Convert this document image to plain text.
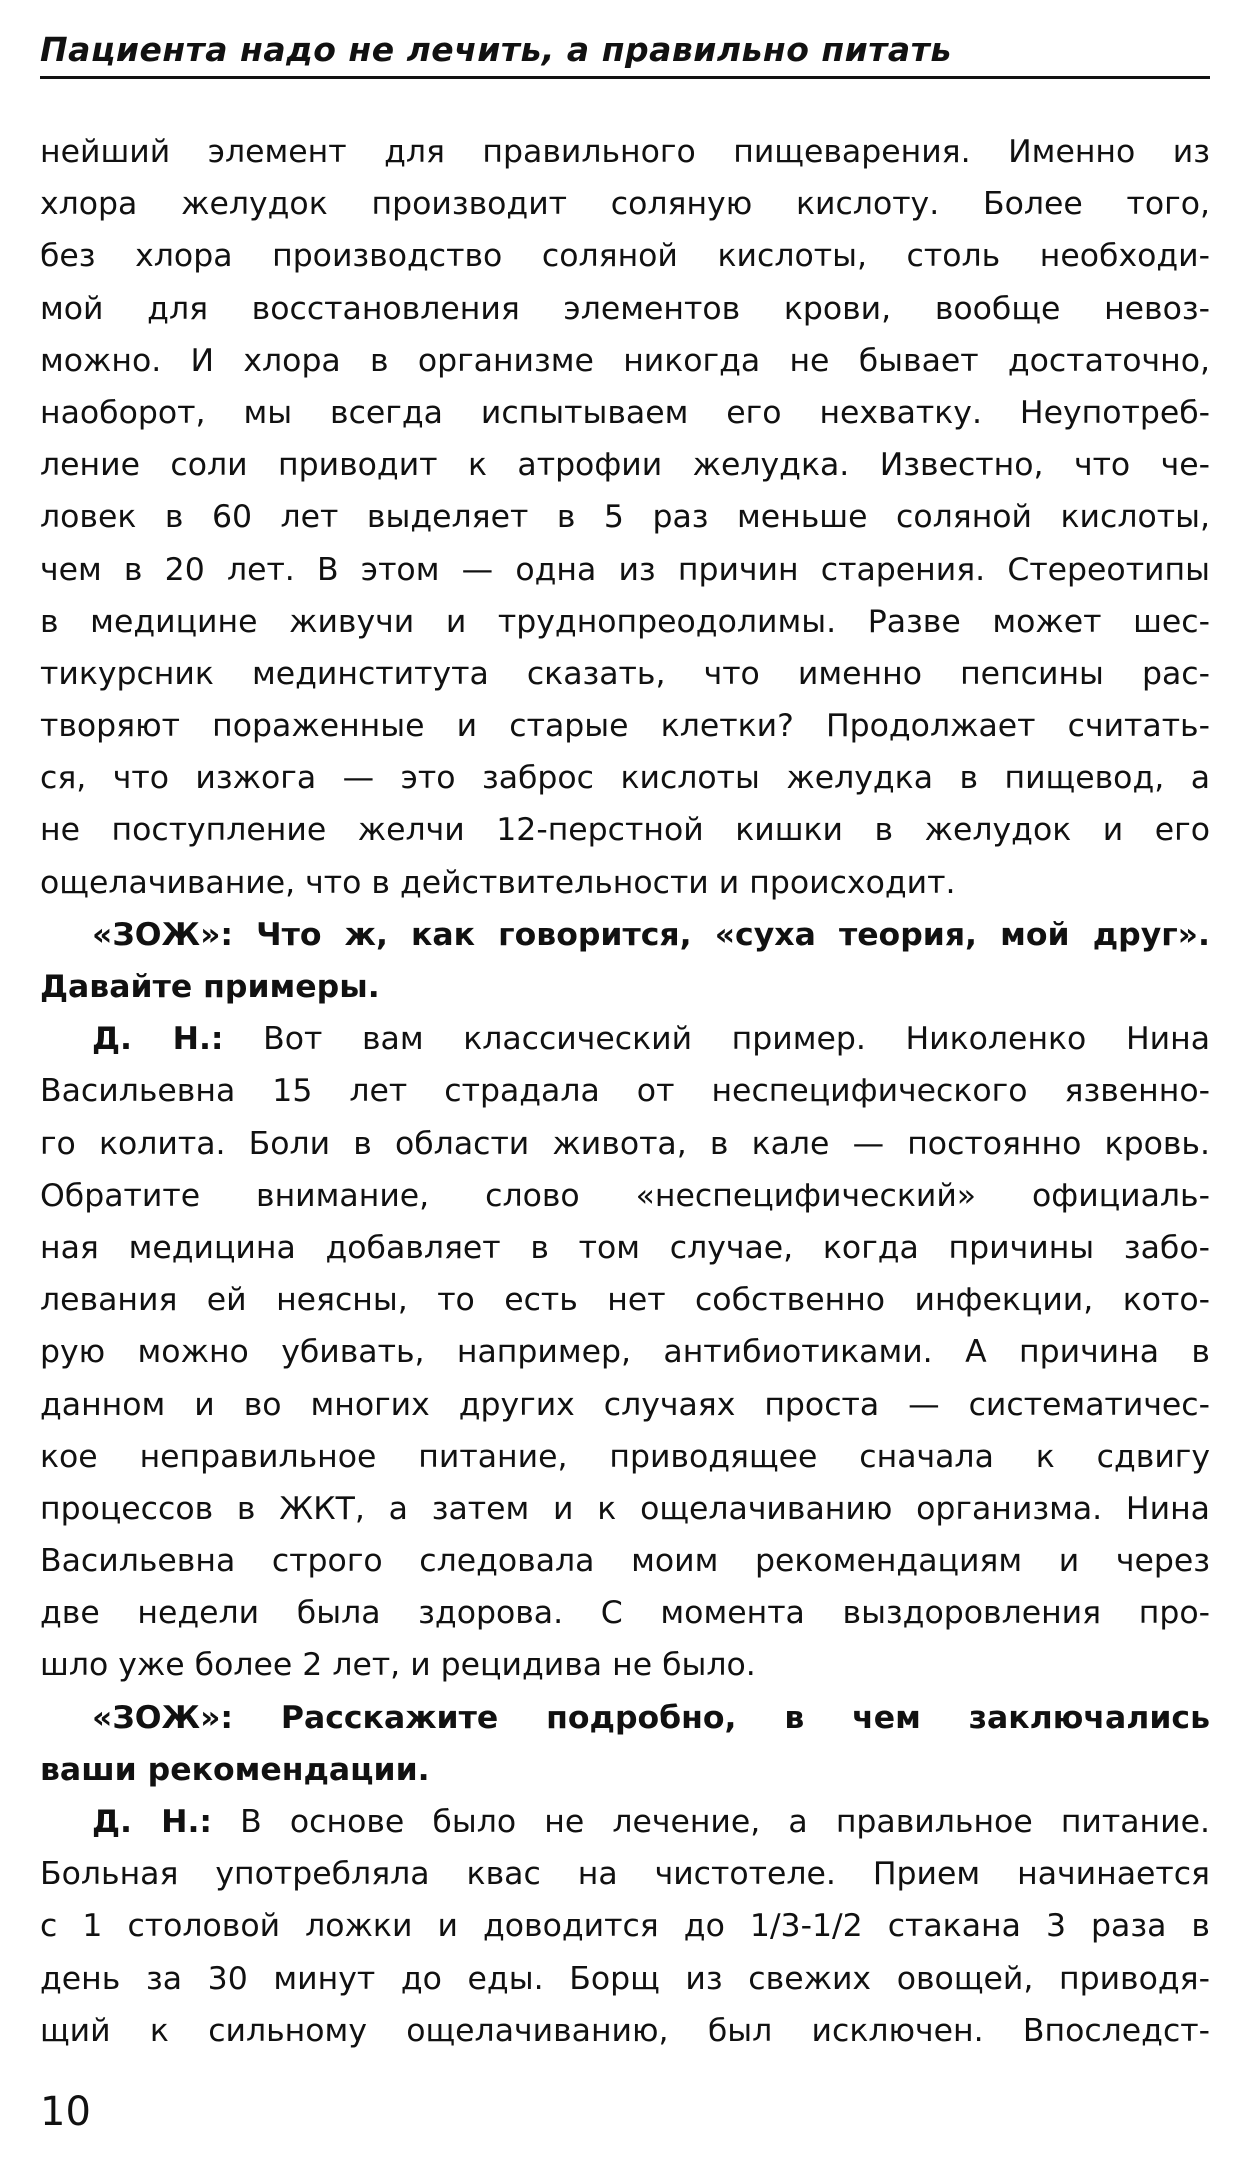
Пациента надо не лечить, а правильно питать
нейший элемент для правильного пищеварения. Именно из
хлора желудок производит соляную кислоту. Более того,
без хлора производство соляной кислоты, столь необходи-
мой для восстановления элементов крови, вообще невоз-
можно. И хлора в организме никогда не бывает достаточно,
наоборот, мы всегда испытываем его нехватку. Неупотреб-
ление соли приводит к атрофии желудка. Известно, что че-
ловек в 60 лет выделяет в 5 раз меньше соляной кислоты,
чем в 20 лет. В этом — одна из причин старения. Стереотипы
в медицине живучи и труднопреодолимы. Разве может шес-
тикурсник мединститута сказать, что именно пепсины рас-
творяют пораженные и старые клетки? Продолжает считать-
ся, что изжога — это заброс кислоты желудка в пищевод, а
не поступление желчи 12-перстной кишки в желудок и его
ощелачивание, что в действительности и происходит.
«ЗОЖ»: Что ж, как говорится, «суха теория, мой друг».
Давайте примеры.
Д. Н.: Вот вам классический пример. Николенко Нина
Васильевна 15 лет страдала от неспецифического язвенно-
го колита. Боли в области живота, в кале — постоянно кровь.
Обратите внимание, слово «неспецифический» официаль-
ная медицина добавляет в том случае, когда причины забо-
левания ей неясны, то есть нет собственно инфекции, кото-
рую можно убивать, например, антибиотиками. А причина в
данном и во многих других случаях проста — систематичес-
кое неправильное питание, приводящее сначала к сдвигу
процессов в ЖКТ, а затем и к ощелачиванию организма. Нина
Васильевна строго следовала моим рекомендациям и через
две недели была здорова. С момента выздоровления про-
шло уже более 2 лет, и рецидива не было.
«ЗОЖ»: Расскажите подробно, в чем заключались
ваши рекомендации.
Д. Н.: В основе было не лечение, а правильное питание.
Больная употребляла квас на чистотеле. Прием начинается
с 1 столовой ложки и доводится до 1/3-1/2 стакана 3 раза в
день за 30 минут до еды. Борщ из свежих овощей, приводя-
щий к сильному ощелачиванию, был исключен. Впоследст-
10
